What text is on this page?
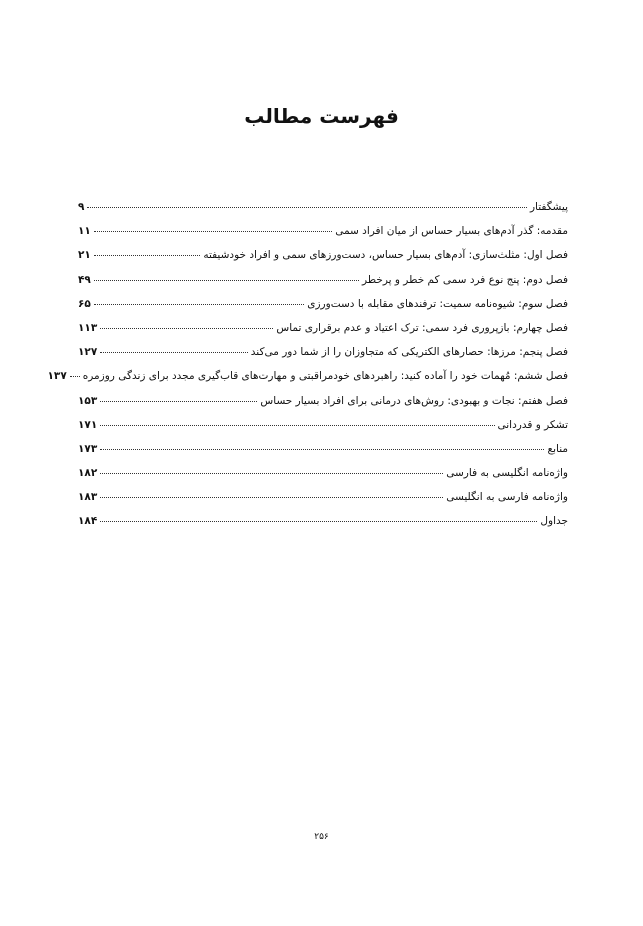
فهرست مطالب
پیشگفتار
۹
مقدمه: گذر آدم‌های بسیار حساس از میان افراد سمی
۱۱
فصل اول: مثلث‌سازی: آدم‌های بسیار حساس، دست‌ورزهای سمی و افراد خودشیفته
۲۱
فصل دوم: پنج نوع فرد سمی کم خطر و پرخطر
۴۹
فصل سوم: شیوه‌نامه سمیت: ترفندهای مقابله با دست‌ورزی
۶۵
فصل چهارم: بازپروری فرد سمی: ترک اعتیاد و عدم برقراری تماس
۱۱۳
فصل پنجم: مرزها: حصارهای الکتریکی که متجاوزان را از شما دور می‌کند
۱۲۷
فصل ششم: مُهمات خود را آماده کنید: راهبردهای خودمراقبتی و مهارت‌های قاب‌گیری مجدد برای زندگی روزمره
۱۳۷
فصل هفتم: نجات و بهبودی: روش‌های درمانی برای افراد بسیار حساس
۱۵۳
تشکر و قدردانی
۱۷۱
منابع
۱۷۳
واژه‌نامه انگلیسی به فارسی
۱۸۲
واژه‌نامه فارسی به انگلیسی
۱۸۳
جداول
۱۸۴
۲۵۶
